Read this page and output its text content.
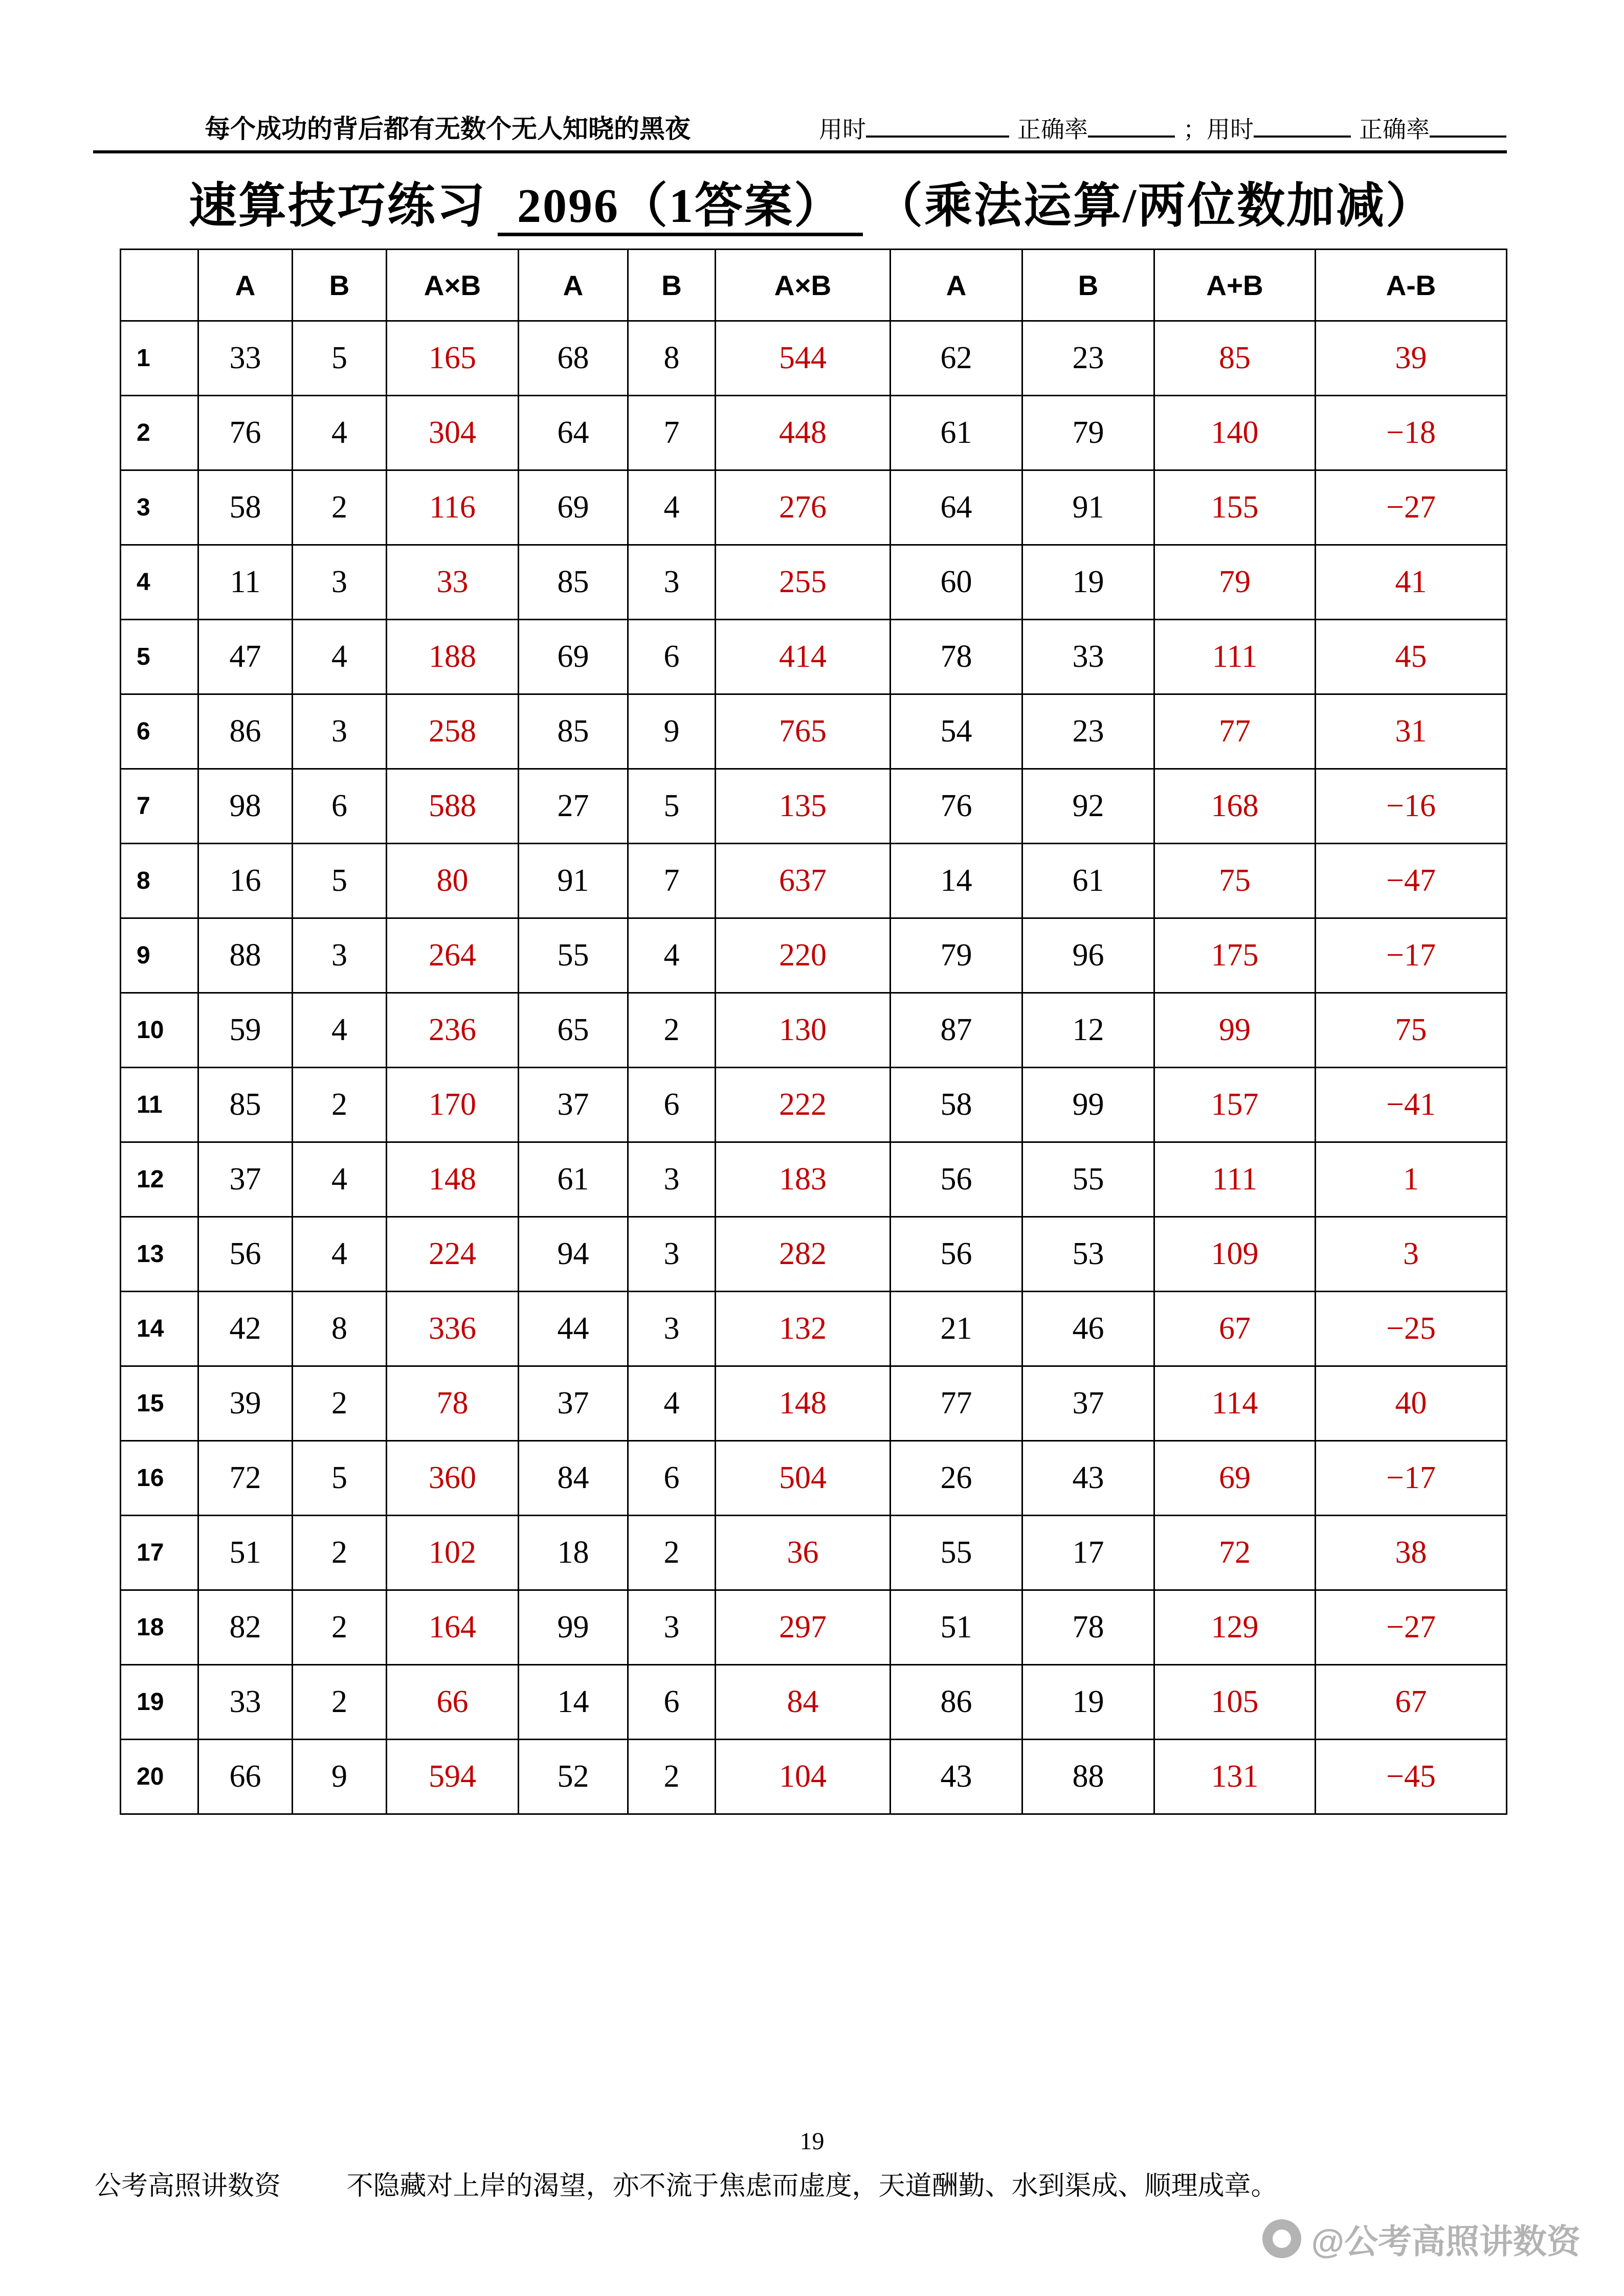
每个成功的背后都有无数个无人知晓的黑夜	用时	正确率	；用时	正确率
速算技巧练习 2096（1答案） （乘法运算/两位数加减）
	A	B	A×B	A	B	A×B	A	B	A+B	A-B
1	33	5	165	68	8	544	62	23	85	39
2	76	4	304	64	7	448	61	79	140	−18
3	58	2	116	69	4	276	64	91	155	−27
4	11	3	33	85	3	255	60	19	79	41
5	47	4	188	69	6	414	78	33	111	45
6	86	3	258	85	9	765	54	23	77	31
7	98	6	588	27	5	135	76	92	168	−16
8	16	5	80	91	7	637	14	61	75	−47
9	88	3	264	55	4	220	79	96	175	−17
10	59	4	236	65	2	130	87	12	99	75
11	85	2	170	37	6	222	58	99	157	−41
12	37	4	148	61	3	183	56	55	111	1
13	56	4	224	94	3	282	56	53	109	3
14	42	8	336	44	3	132	21	46	67	−25
15	39	2	78	37	4	148	77	37	114	40
16	72	5	360	84	6	504	26	43	69	−17
17	51	2	102	18	2	36	55	17	72	38
18	82	2	164	99	3	297	51	78	129	−27
19	33	2	66	14	6	84	86	19	105	67
20	66	9	594	52	2	104	43	88	131	−45
19
公考高照讲数资	不隐藏对上岸的渴望，亦不流于焦虑而虚度，天道酬勤、水到渠成、顺理成章。
@公考高照讲数资
